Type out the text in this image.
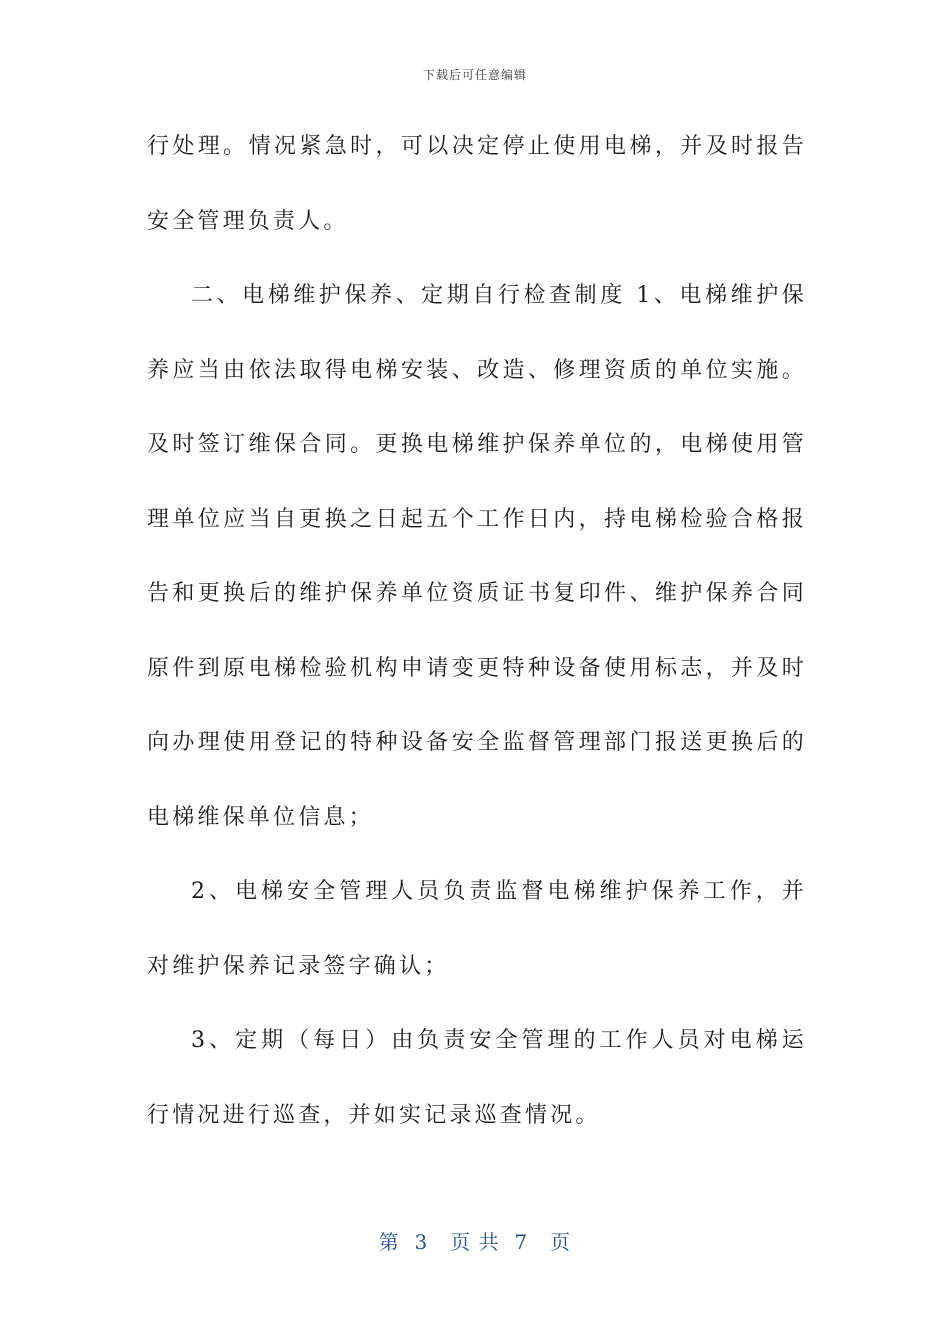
下载后可任意编辑

行处理。情况紧急时，可以决定停止使用电梯，并及时报告安全管理负责人。

二、电梯维护保养、定期自行检查制度 1、电梯维护保养应当由依法取得电梯安装、改造、修理资质的单位实施。及时签订维保合同。更换电梯维护保养单位的，电梯使用管理单位应当自更换之日起五个工作日内，持电梯检验合格报告和更换后的维护保养单位资质证书复印件、维护保养合同原件到原电梯检验机构申请变更特种设备使用标志，并及时向办理使用登记的特种设备安全监督管理部门报送更换后的电梯维保单位信息；

2、电梯安全管理人员负责监督电梯维护保养工作，并对维护保养记录签字确认；

3、定期（每日）由负责安全管理的工作人员对电梯运行情况进行巡查，并如实记录巡查情况。

第  3   页 共  7   页
